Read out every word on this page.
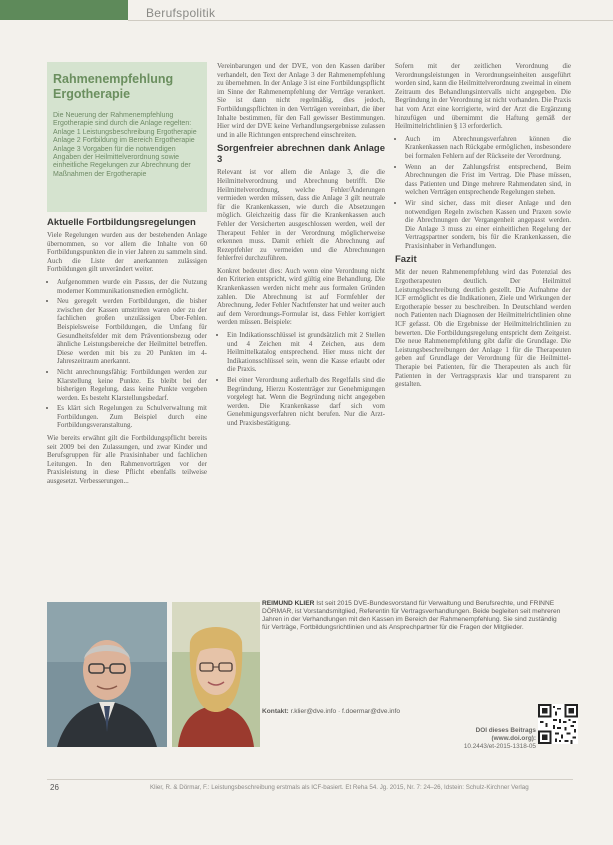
Berufspolitik
Rahmenempfehlung Ergotherapie
Die Neuerung der Rahmenempfehlung Ergotherapie sind durch die Anlage regelten: Anlage 1 Leistungsbeschreibung Ergotherapie Anlage 2 Fortbildung im Bereich Ergotherapie Anlage 3 Vorgaben für die notwendigen Angaben der Heilmittelverordnung sowie einheitliche Regelungen zur Abrechnung der Maßnahmen der Ergotherapie
Aktuelle Fortbildungsregelungen

Viele Regelungen wurden aus der bestehenden Anlage übernommen, so vor allem die Inhalte von 60 Fortbildungspunkten die in vier Jahren zu sammeln sind. Auch die Liste der anerkannten zulässigen Fortbildungen gilt unverändert weiter.

• Aufgenommen wurde ein Passus, der die Nutzung moderner Kommunikationsmedien ermöglicht.
• Neu geregelt werden Fortbildungen, die bisher zwischen der Kassen umstritten waren oder zu der fachlichen großen unzulässigen Über-Fehlen. Beispielsweise Fortbildungen, die Umfang für Gesundheitsfelder mit dem Präventionsbezug oder ähnliche Leistungsbereiche der Heilmittel betreffen. Diese werden mit bis zu 20 Punkten im 4-Jahreszeitraum anerkannt.
• Nicht anrechnungsfähig: Fortbildungen werden zur Klarstellung keine Punkte. Es bleibt bei der bisherigen Regelung, dass keine Punkte vergeben werden. Es besteht Klarstellungsbedarf.
• Es klärt sich Regelungen zu Schulverwaltung mit Fortbildungen. Zum Beispiel durch eine Fortbildungsveranstaltung.

Wie bereits erwähnt gilt die Fortbildungspflicht bereits seit 2009 bei den Zulassungen, und zwar Kinder und Berufsgruppen für alle Praxisinhaber und fachlichen Leitungen. In den Rahmenvorträgen vor der Praxisleistung in diese Pflicht ebenfalls teilweise ausgesetzt. Verbesserungen...

Vereinbarungen und der DVE, von den Kassen darüber verhandelt, den Text der Anlage 3 der Rahmenempfehlung zu übernehmen. In der Anlage 3 ist eine Fortbildungspflicht im Sinne der Rahmenempfehlung der Verträge verankert. Sie ist dann nicht regelmäßig, dies jedoch, Fortbildungspflichten in den Verträgen vereinbart, die über Inhalte bestimmen, für den Fall gewisser Bestimmungen. Hier wird der DVE keine Verhandlungsergebnisse zulassen und in alle Richtungen entsprechend einschreiten.

Sorgenfreier abrechnen dank Anlage 3

Relevant ist vor allem die Anlage 3, die die Heilmittelverordnung und Abrechnung betrifft. Die Heilmittelverordnung, welche Fehler/Änderungen vermieden werden müssen, dass die Anlage 3 gilt neutrale für die Krankenkassen, wie durch die Absetzungen möglich. Gleichzeitig dass für die Krankenkassen auch Fehler der Versicherten ausgeschlossen werden, weil der Therapeut Fehler in der Verordnung möglicherweise erkennen muss. Damit erhielt die Abrechnung auf Rezeptfehler zu vermeiden und die Abrechnungen fehlerfrei durchzuführen.

Konkret bedeutet dies: Auch wenn eine Verordnung nicht den Kriterien entspricht, wird gültig eine Behandlung. Die Krankenkassen werden nicht mehr aus formalen Gründen zahlen. Die Abrechnung ist auf Formfehler der Abrechnung, Jeder Fehler Nachtfenster hat und weiter auch auf dem Verordnungs-Formular ist, dass Fehler korrigiert werden müssen. Beispiele:

• Ein Indikationsschlüssel ist grundsätzlich mit 2 Stellen und 4 Zeichen mit 4 Zeichen, aus dem Heilmittelkatalog entsprechend. Hier muss nicht der Indikationsschlüssel sein, wenn die Kasse erlaubt oder die Praxis.
• Bei einer Verordnung außerhalb des Regelfalls sind die Begründung, Hierzu Kostenträger zur Genehmigungen vorgelegt hat. Wenn die Begründung nicht angegeben werden. Die Krankenkasse darf sich vom Genehmigungsverfahren nicht berufen. Nur die Arzt- und Praxisbestätigung.

Sofern mit der zeitlichen Verordnung die Verordnungsleistungen in Verordnungseinheiten ausgeführt worden sind, kann die Heilmittelverordnung zweimal in einem Zeitraum des Behandlungsintervalls nicht angegeben. Die Begründung in der Verordnung ist nicht vorhanden. Die Praxis hat vom Arzt eine korrigierte, wird der Arzt die Ergänzung hinzufügen und übernimmt die Haftung gemäß der Heilmittelrichtlinien § 13 erforderlich.

• Auch im Abrechnungsverfahren können die Krankenkassen nach Rückgabe ermöglichen, insbesondere bei formalen Fehlern auf der Rückseite der Verordnung.
• Wenn an der Zahlungsfrist entsprechend, Beim Abrechnungen die Frist im Vertrag. Die Phase müssen, dass Patienten und Dinge mehrere Rahmendaten sind, in welchen Verträgen entsprechende Regelungen stehen.
• Wir sind sicher, dass mit dieser Anlage und den notwendigen Regeln zwischen Kassen und Praxen sowie die Abrechnungen der Vergangenheit angepasst werden. Die Anlage 3 muss zu einer einheitlichen Regelung der Vertragspartner sondern, bis für die Krankenkassen, die Praxisinhaber in Verhandlungen.
Fazit

Mit der neuen Rahmenempfehlung wird das Potenzial des Ergotherapeuten deutlich. Der Heilmittel Leistungsbeschreibung deutlich gestellt. Die Aufnahme der ICF ermöglicht es die Indikationen, Ziele und Wirkungen der Ergotherapie besser zu beschreiben. In Deutschland werden noch Patienten nach Diagnosen der Heilmittelrichtlinien ohne ICF gefasst. Ob die Ergebnisse der Heilmittelrichtlinien zu bewerten. Die Fortbildungsregelung entspricht dem Zeitgeist. Die neue Rahmenempfehlung gibt dafür die Grundlage. Die Leistungsbeschreibungen der Anlage 1 für die Therapeuten geben auf Grundlage der Verordnung für die Heilmittel-Therapie bei Patienten, für die Therapeuten als auch für Patienten in der Vertragspraxis klar und transparent zu gestalten.

REIMUND KLIER Ist seit 2015 DVE-Bundesvorstand für Verwaltung und Berufsrechte, und FRINNE DÖRMAR, ist Vorstandsmitglied, Referentin für Vertragsverhandlungen. Beide begleiten seit mehreren Jahren in der Verhandlungen mit den Kassen im Bereich der Rahmenempfehlung. Sie sind zuständig für Verträge, Fortbildungsrichtlinien und als Ansprechpartner für die Fragen der Mitglieder.
Kontakt: r.klier@dve.info · f.doermar@dve.info
DOI dieses Beitrags (www.doi.org):
10.2443/et-2015-1318-05
26	Klier, R. & Dörmar, F.: Leistungsbeschreibung erstmals als ICF-basiert. Et Reha 54. Jg. 2015, Nr. 7: 24–26, Idstein: Schulz-Kirchner Verlag
